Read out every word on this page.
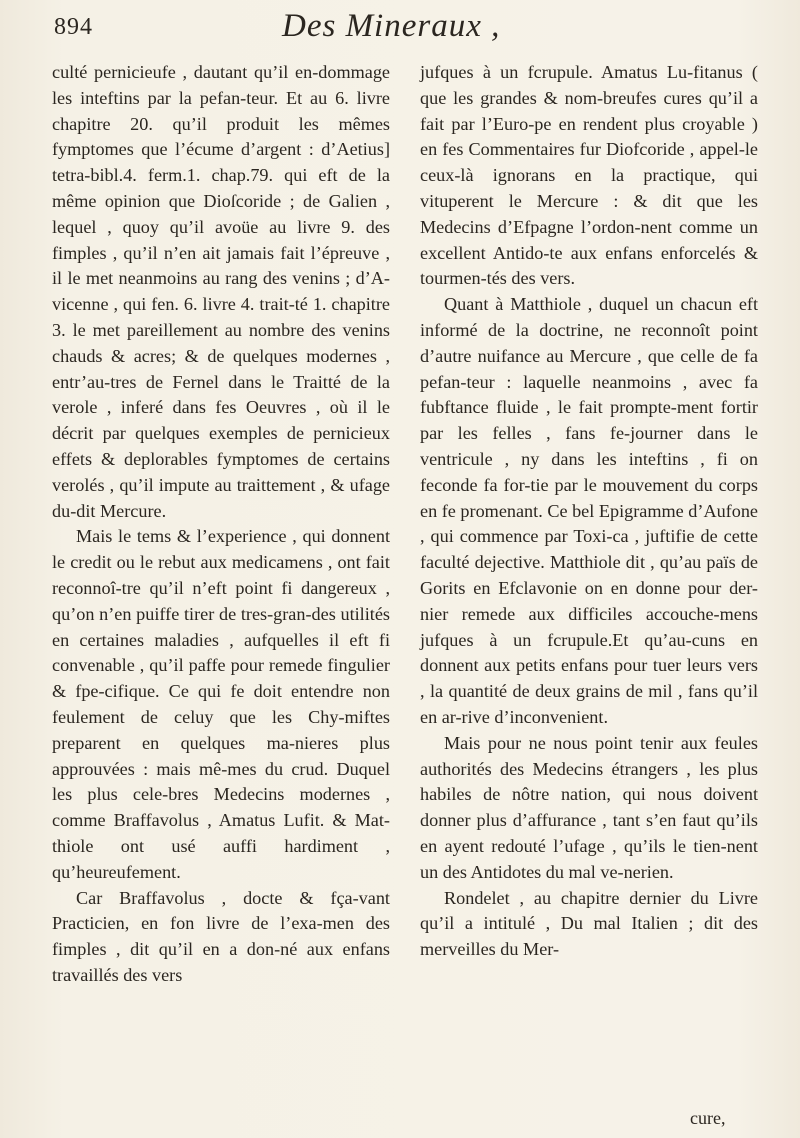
894	Des Mineraux ,

culté pernicieufe , dautant qu’il en-dommage les inteftins par la pefan-teur. Et au 6. livre chapitre 20. qu’il produit les mêmes fymptomes que l’écume d’argent : d’Aetius] tetra-bibl.4. ferm.1. chap.79. qui eft de la même opinion que Dioſcoride ; de Galien , lequel , quoy qu’il avoüe au livre 9. des fimples , qu’il n’en ait jamais fait l’épreuve , il le met neanmoins au rang des venins ; d’A-vicenne , qui fen. 6. livre 4. trait-té 1. chapitre 3. le met pareillement au nombre des venins chauds & acres; & de quelques modernes , entr’au-tres de Fernel dans le Traitté de la verole , inferé dans fes Oeuvres , où il le décrit par quelques exemples de pernicieux effets & deplorables fymptomes de certains verolés , qu’il impute au traittement , & ufage du-dit Mercure.

Mais le tems & l’experience , qui donnent le credit ou le rebut aux medicamens , ont fait reconnoî-tre qu’il n’eft point fi dangereux , qu’on n’en puiffe tirer de tres-gran-des utilités en certaines maladies , aufquelles il eft fi convenable , qu’il paffe pour remede fingulier & fpe-cifique. Ce qui fe doit entendre non feulement de celuy que les Chy-miftes preparent en quelques ma-nieres plus approuvées : mais mê-mes du crud. Duquel les plus cele-bres Medecins modernes , comme Braffavolus , Amatus Lufit. & Mat-thiole ont usé auffi hardiment , qu’heureufement.

Car Braffavolus , docte & fça-vant Practicien, en fon livre de l’exa-men des fimples , dit qu’il en a don-né aux enfans travaillés des vers

jufques à un fcrupule. Amatus Lu-fitanus ( que les grandes & nom-breufes cures qu’il a fait par l’Euro-pe en rendent plus croyable ) en fes Commentaires fur Diofcoride , appel-le ceux-là ignorans en la practique, qui vituperent le Mercure : & dit que les Medecins d’Efpagne l’ordon-nent comme un excellent Antido-te aux enfans enforcelés & tourmen-tés des vers.

Quant à Matthiole , duquel un chacun eft informé de la doctrine, ne reconnoît point d’autre nuifance au Mercure , que celle de fa pefan-teur : laquelle neanmoins , avec fa fubftance fluide , le fait prompte-ment fortir par les felles , fans fe-journer dans le ventricule , ny dans les inteftins , fi on feconde fa for-tie par le mouvement du corps en fe promenant. Ce bel Epigramme d’Aufone , qui commence par Toxi-ca , juftifie de cette faculté dejective. Matthiole dit , qu’au païs de Gorits en Efclavonie on en donne pour der-nier remede aux difficiles accouche-mens jufques à un fcrupule.Et qu’au-cuns en donnent aux petits enfans pour tuer leurs vers , la quantité de deux grains de mil , fans qu’il en ar-rive d’inconvenient.

Mais pour ne nous point tenir aux feules authorités des Medecins étrangers , les plus habiles de nôtre nation, qui nous doivent donner plus d’affurance , tant s’en faut qu’ils en ayent redouté l’ufage , qu’ils le tien-nent un des Antidotes du mal ve-nerien.

Rondelet , au chapitre dernier du Livre qu’il a intitulé , Du mal Italien ; dit des merveilles du Mer-

cure,
